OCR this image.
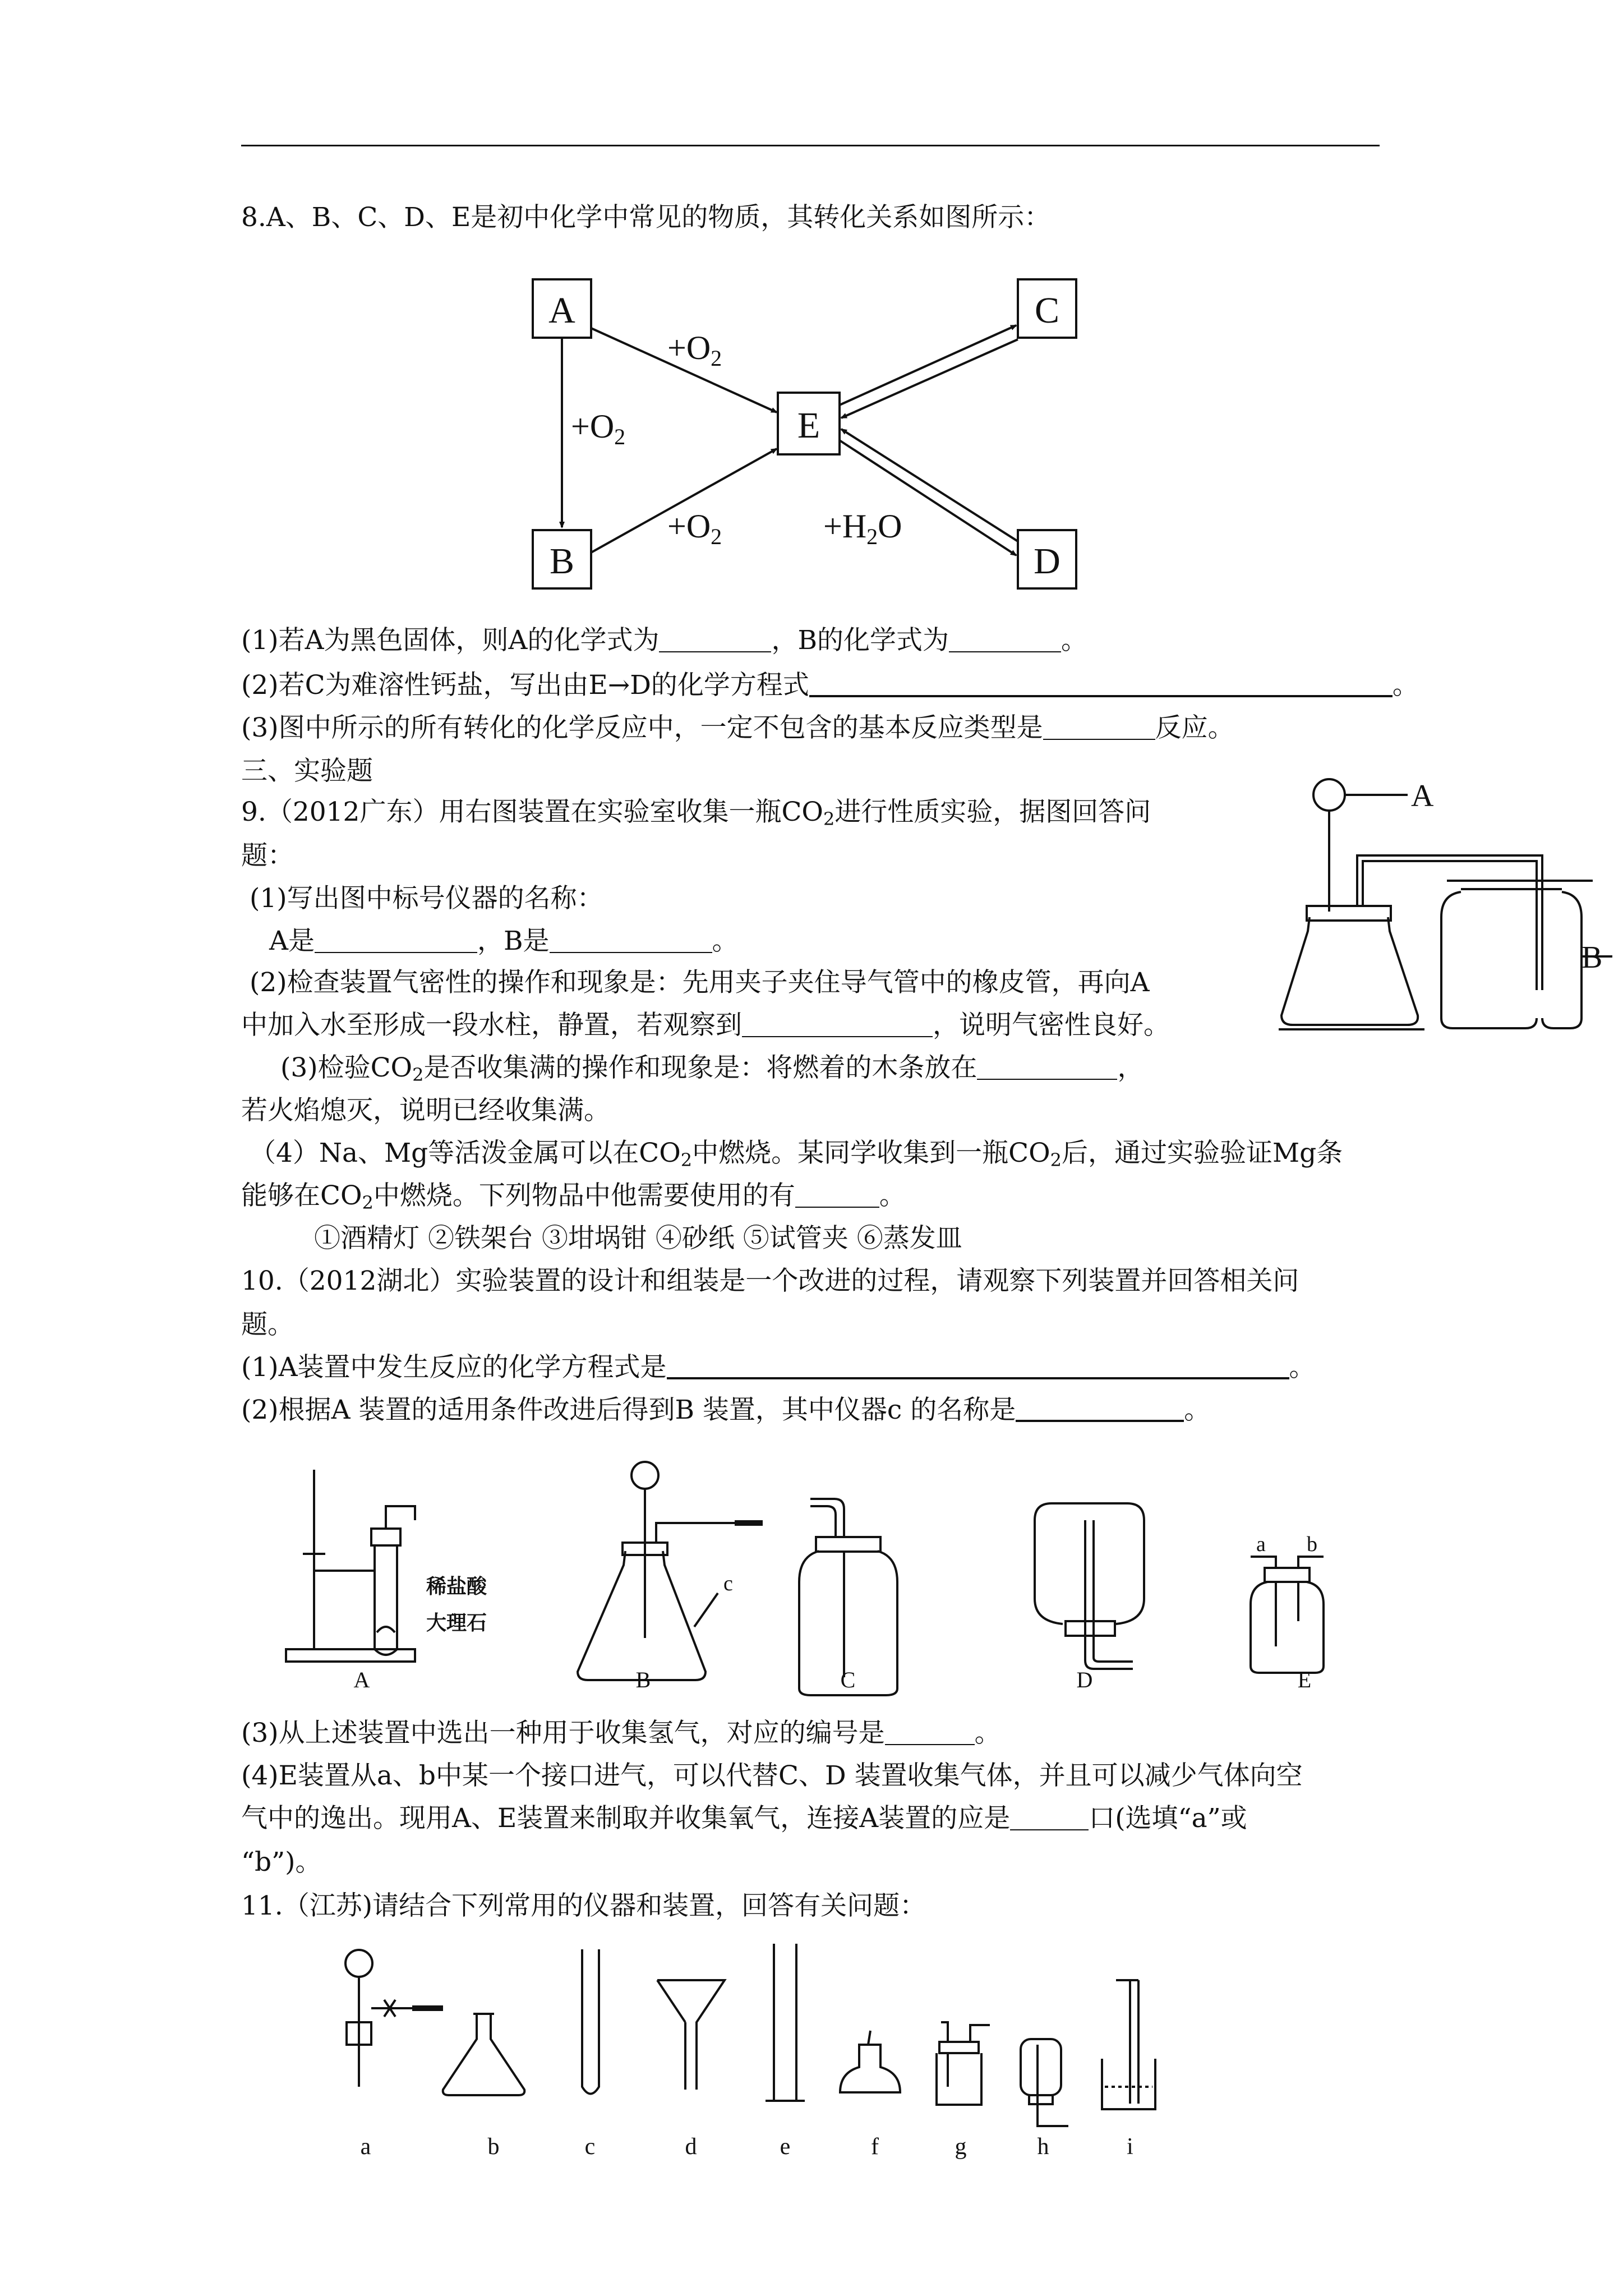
8.A、B、C、D、E是初中化学中常见的物质，其转化关系如图所示：
A
B
C
D
E
$+O_2$
$+O_2$
$+O_2$	$+H_2O$
(1)若A为黑色固体，则A的化学式为	，B的化学式为	。
(2)若C为难溶性钙盐，写出由E→D的化学方程式	。
(3)图中所示的所有转化的化学反应中，一定不包含的基本反应类型是	反应。
三、实验题
9.（2012广东）用右图装置在实验室收集一瓶$CO_2$进行性质实验，据图回答问
题：
(1)写出图中标号仪器的名称：
A是	，B是	。
(2)检查装置气密性的操作和现象是：先用夹子夹住导气管中的橡皮管，再向A
中加入水至形成一段水柱，静置，若观察到	，说明气密性良好。
(3)检验$CO_2$是否收集满的操作和现象是：将燃着的木条放在	，
若火焰熄灭，说明已经收集满。
（4）Na、Mg等活泼金属可以在$CO_2$中燃烧。某同学收集到一瓶$CO_2$后，通过实验验证Mg条
能够在$CO_2$中燃烧。下列物品中他需要使用的有	。
①酒精灯 ②铁架台 ③坩埚钳 ④砂纸 ⑤试管夹 ⑥蒸发皿
A
B
10.（2012湖北）实验装置的设计和组装是一个改进的过程，请观察下列装置并回答相关问
题。
(1)A装置中发生反应的化学方程式是	。
(2)根据A 装置的适用条件改进后得到B 装置，其中仪器c 的名称是	。
稀盐酸
大理石
c
a b
A	B	C	D	E
(3)从上述装置中选出一种用于收集氢气，对应的编号是	。
(4)E装置从a、b中某一个接口进气，可以代替C、D 装置收集气体，并且可以减少气体向空
气中的逸出。现用A、E装置来制取并收集氧气，连接A装置的应是	口(选填“a”或
“b”)。
11.（江苏)请结合下列常用的仪器和装置，回答有关问题：
a	b	c	d	e	f	g	h	i
